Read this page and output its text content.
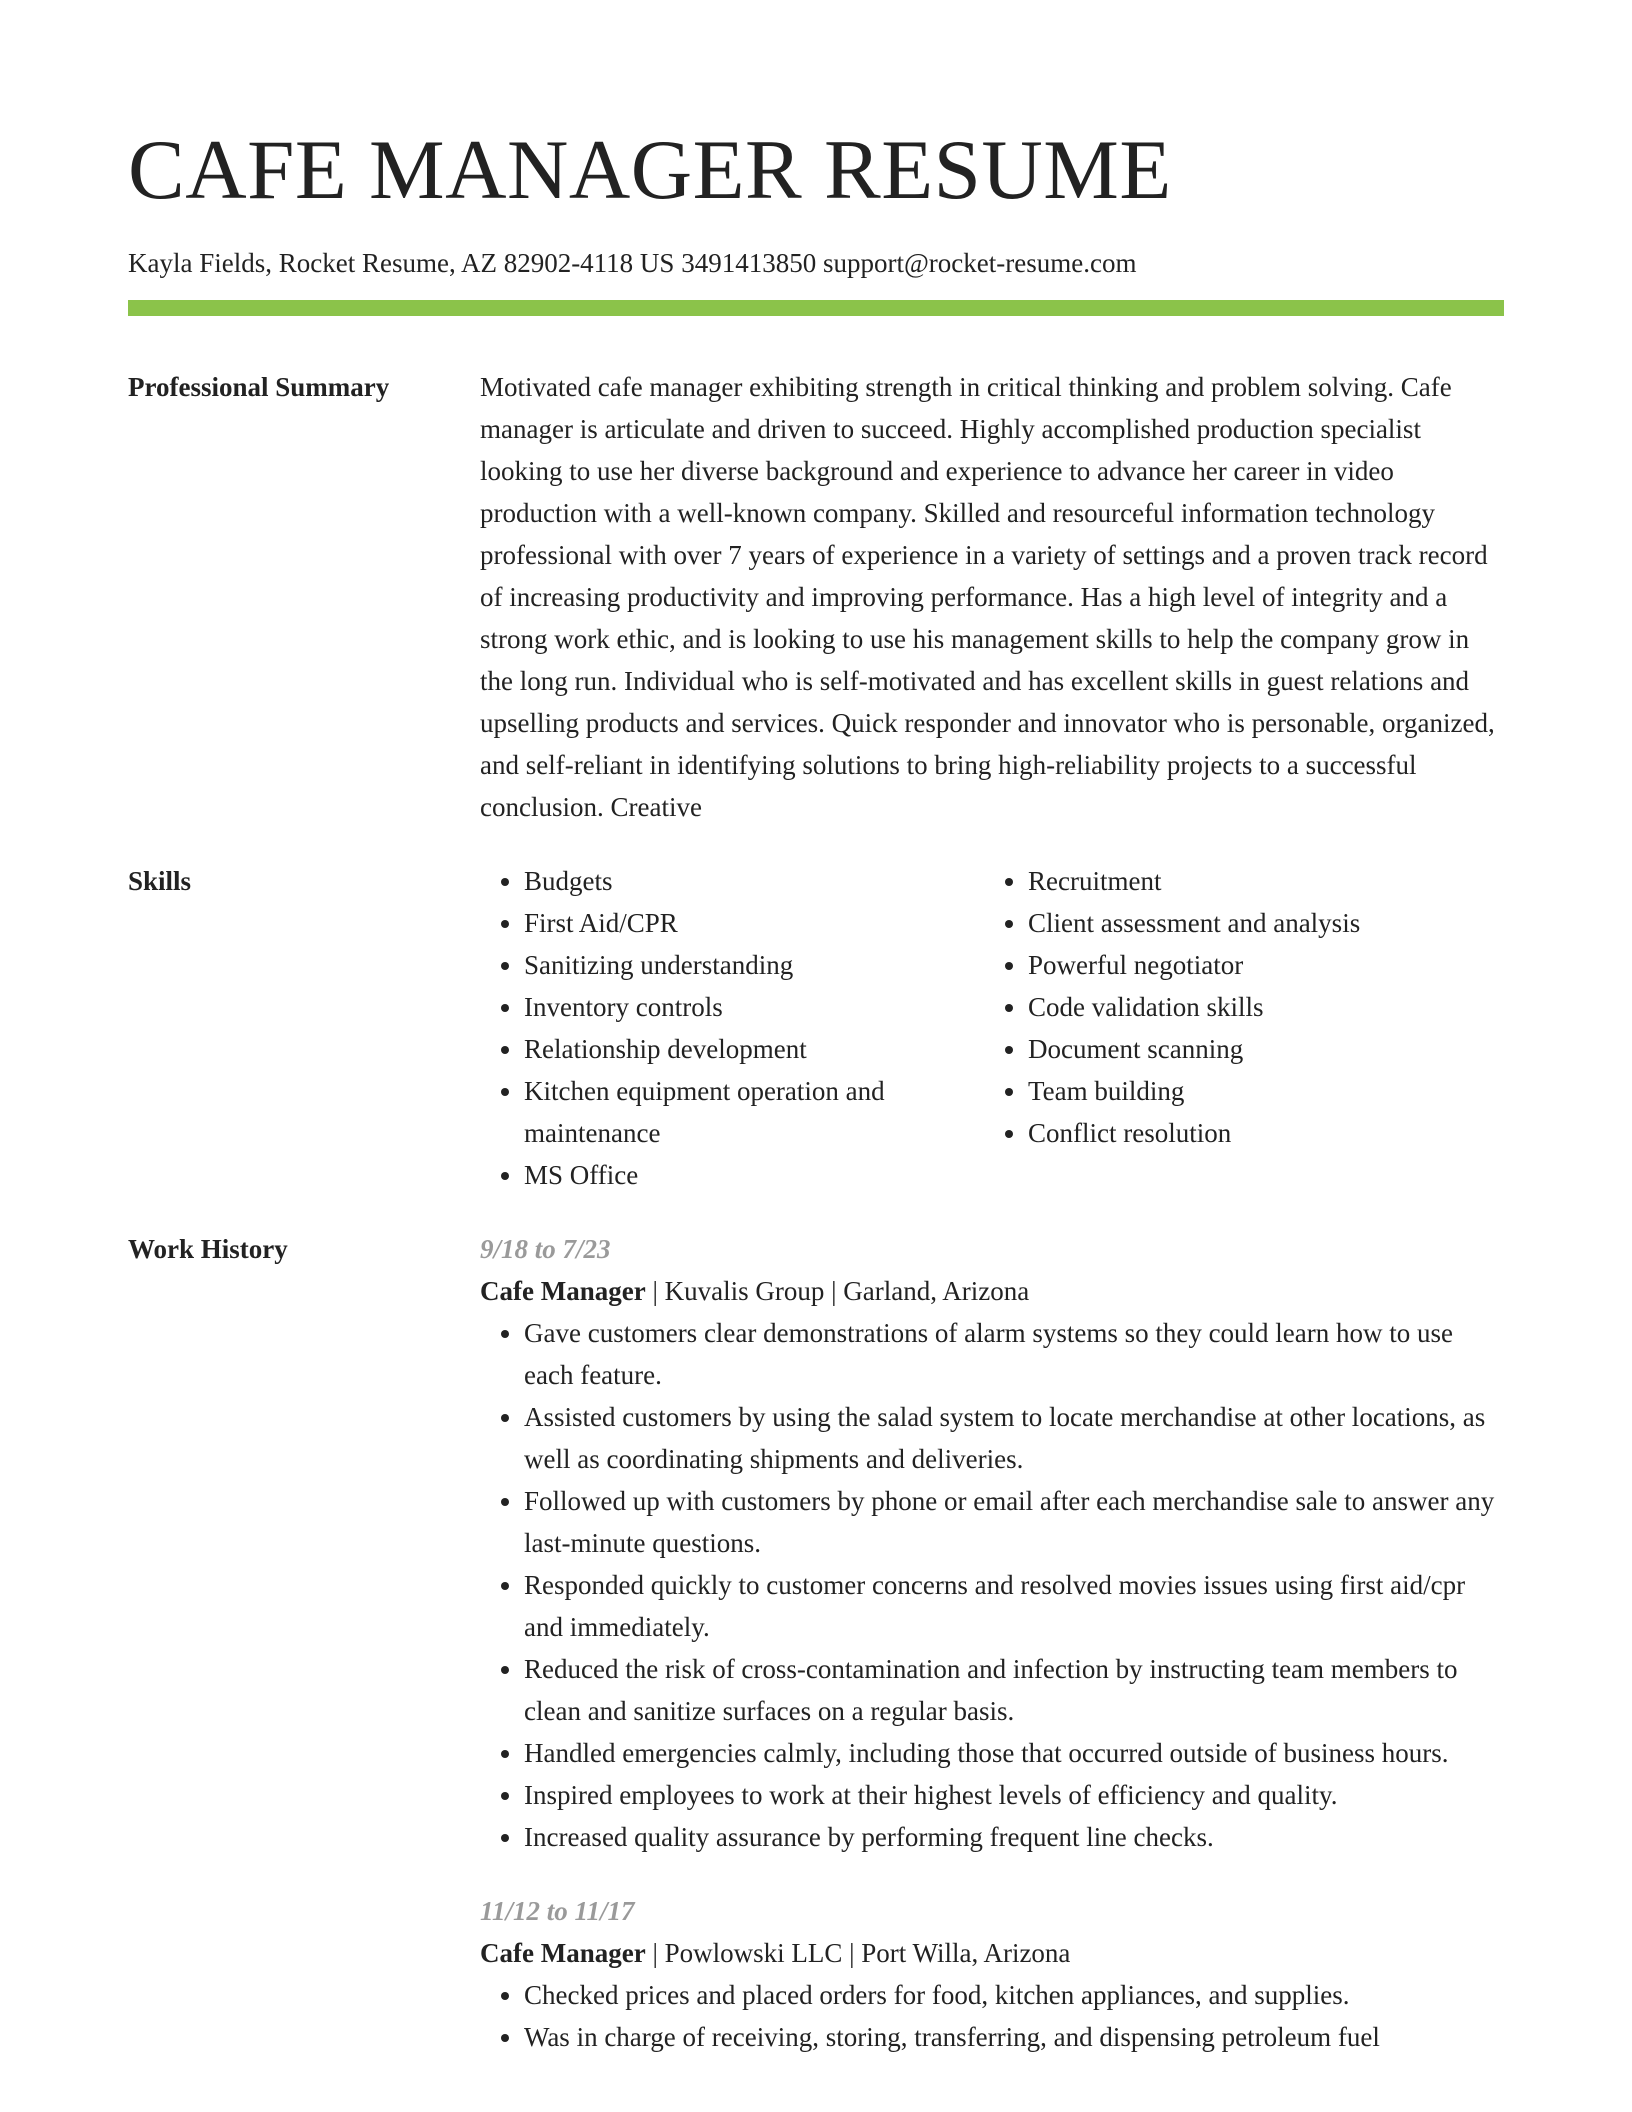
CAFE MANAGER RESUME
Kayla Fields, Rocket Resume, AZ 82902-4118 US 3491413850 support@rocket-resume.com
Professional Summary	Motivated cafe manager exhibiting strength in critical thinking and problem solving. Cafe manager is articulate and driven to succeed. Highly accomplished production specialist looking to use her diverse background and experience to advance her career in video production with a well-known company. Skilled and resourceful information technology professional with over 7 years of experience in a variety of settings and a proven track record of increasing productivity and improving performance. Has a high level of integrity and a strong work ethic, and is looking to use his management skills to help the company grow in the long run. Individual who is self-motivated and has excellent skills in guest relations and upselling products and services. Quick responder and innovator who is personable, organized, and self-reliant in identifying solutions to bring high-reliability projects to a successful conclusion. Creative

Skills
•	Budgets
• First Aid/CPR
• Sanitizing understanding
• Inventory controls
• Relationship development
• Kitchen equipment operation and maintenance
• MS Office
• Recruitment
• Client assessment and analysis
• Powerful negotiator
• Code validation skills
• Document scanning
• Team building
• Conflict resolution
Work History	9/18 to 7/23
Cafe Manager | Kuvalis Group | Garland, Arizona
• Gave customers clear demonstrations of alarm systems so they could learn how to use each feature.
• Assisted customers by using the salad system to locate merchandise at other locations, as well as coordinating shipments and deliveries.
• Followed up with customers by phone or email after each merchandise sale to answer any last-minute questions.
• Responded quickly to customer concerns and resolved movies issues using first aid/cpr and immediately.
• Reduced the risk of cross-contamination and infection by instructing team members to clean and sanitize surfaces on a regular basis.
• Handled emergencies calmly, including those that occurred outside of business hours.
• Inspired employees to work at their highest levels of efficiency and quality.
• Increased quality assurance by performing frequent line checks.
11/12 to 11/17
Cafe Manager | Powlowski LLC | Port Willa, Arizona
• Checked prices and placed orders for food, kitchen appliances, and supplies.
• Was in charge of receiving, storing, transferring, and dispensing petroleum fuel
